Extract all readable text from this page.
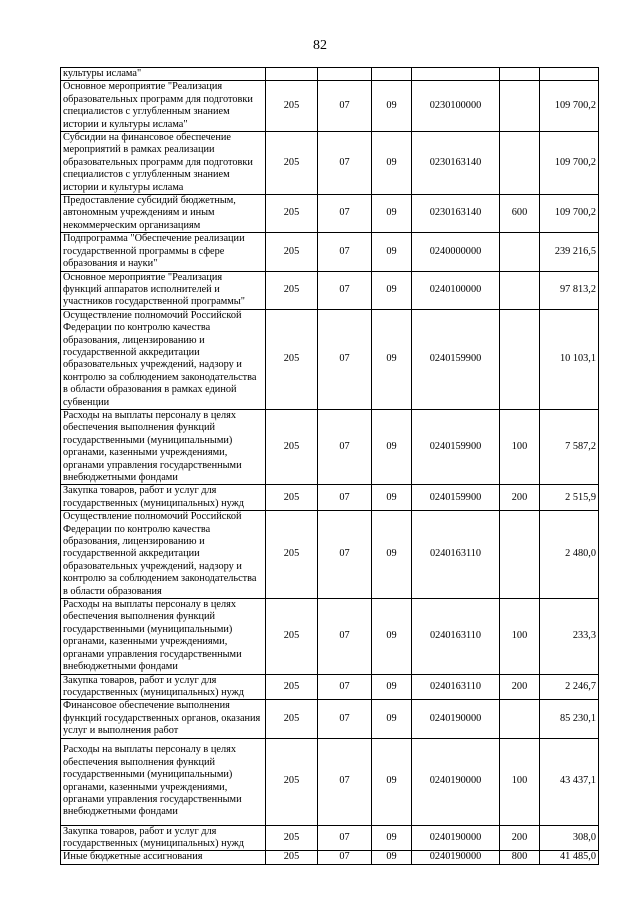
82
культуры ислама"						
Основное мероприятие "Реализация образовательных программ для подготовки специалистов с углубленным знанием истории и культуры ислама"	205	07	09	0230100000		109 700,2
Субсидии на финансовое обеспечение мероприятий в рамках реализации образовательных программ для подготовки специалистов с углубленным знанием истории и культуры ислама	205	07	09	0230163140		109 700,2
Предоставление субсидий бюджетным, автономным учреждениям и иным некоммерческим организациям	205	07	09	0230163140	600	109 700,2
Подпрограмма "Обеспечение реализации государственной программы в сфере образования и науки"	205	07	09	0240000000		239 216,5
Основное мероприятие "Реализация функций аппаратов исполнителей и участников государственной программы"	205	07	09	0240100000		97 813,2
Осуществление полномочий Российской Федерации по контролю качества образования, лицензированию и государственной аккредитации образовательных учреждений, надзору и контролю за соблюдением законодательства в области образования в рамках единой субвенции	205	07	09	0240159900		10 103,1
Расходы на выплаты персоналу в целях обеспечения выполнения функций государственными (муниципальными) органами, казенными учреждениями, органами управления государственными внебюджетными фондами	205	07	09	0240159900	100	7 587,2
Закупка товаров, работ и услуг для государственных (муниципальных) нужд	205	07	09	0240159900	200	2 515,9
Осуществление полномочий Российской Федерации по контролю качества образования, лицензированию и государственной аккредитации образовательных учреждений, надзору и контролю за соблюдением законодательства в области образования	205	07	09	0240163110		2 480,0
Расходы на выплаты персоналу в целях обеспечения выполнения функций государственными (муниципальными) органами, казенными учреждениями, органами управления государственными внебюджетными фондами	205	07	09	0240163110	100	233,3
Закупка товаров, работ и услуг для государственных (муниципальных) нужд	205	07	09	0240163110	200	2 246,7
Финансовое обеспечение выполнения функций государственных органов, оказания услуг и выполнения работ	205	07	09	0240190000		85 230,1
Расходы на выплаты персоналу в целях обеспечения выполнения функций государственными (муниципальными) органами, казенными учреждениями, органами управления государственными внебюджетными фондами	205	07	09	0240190000	100	43 437,1
Закупка товаров, работ и услуг для государственных (муниципальных) нужд	205	07	09	0240190000	200	308,0
Иные бюджетные ассигнования	205	07	09	0240190000	800	41 485,0
